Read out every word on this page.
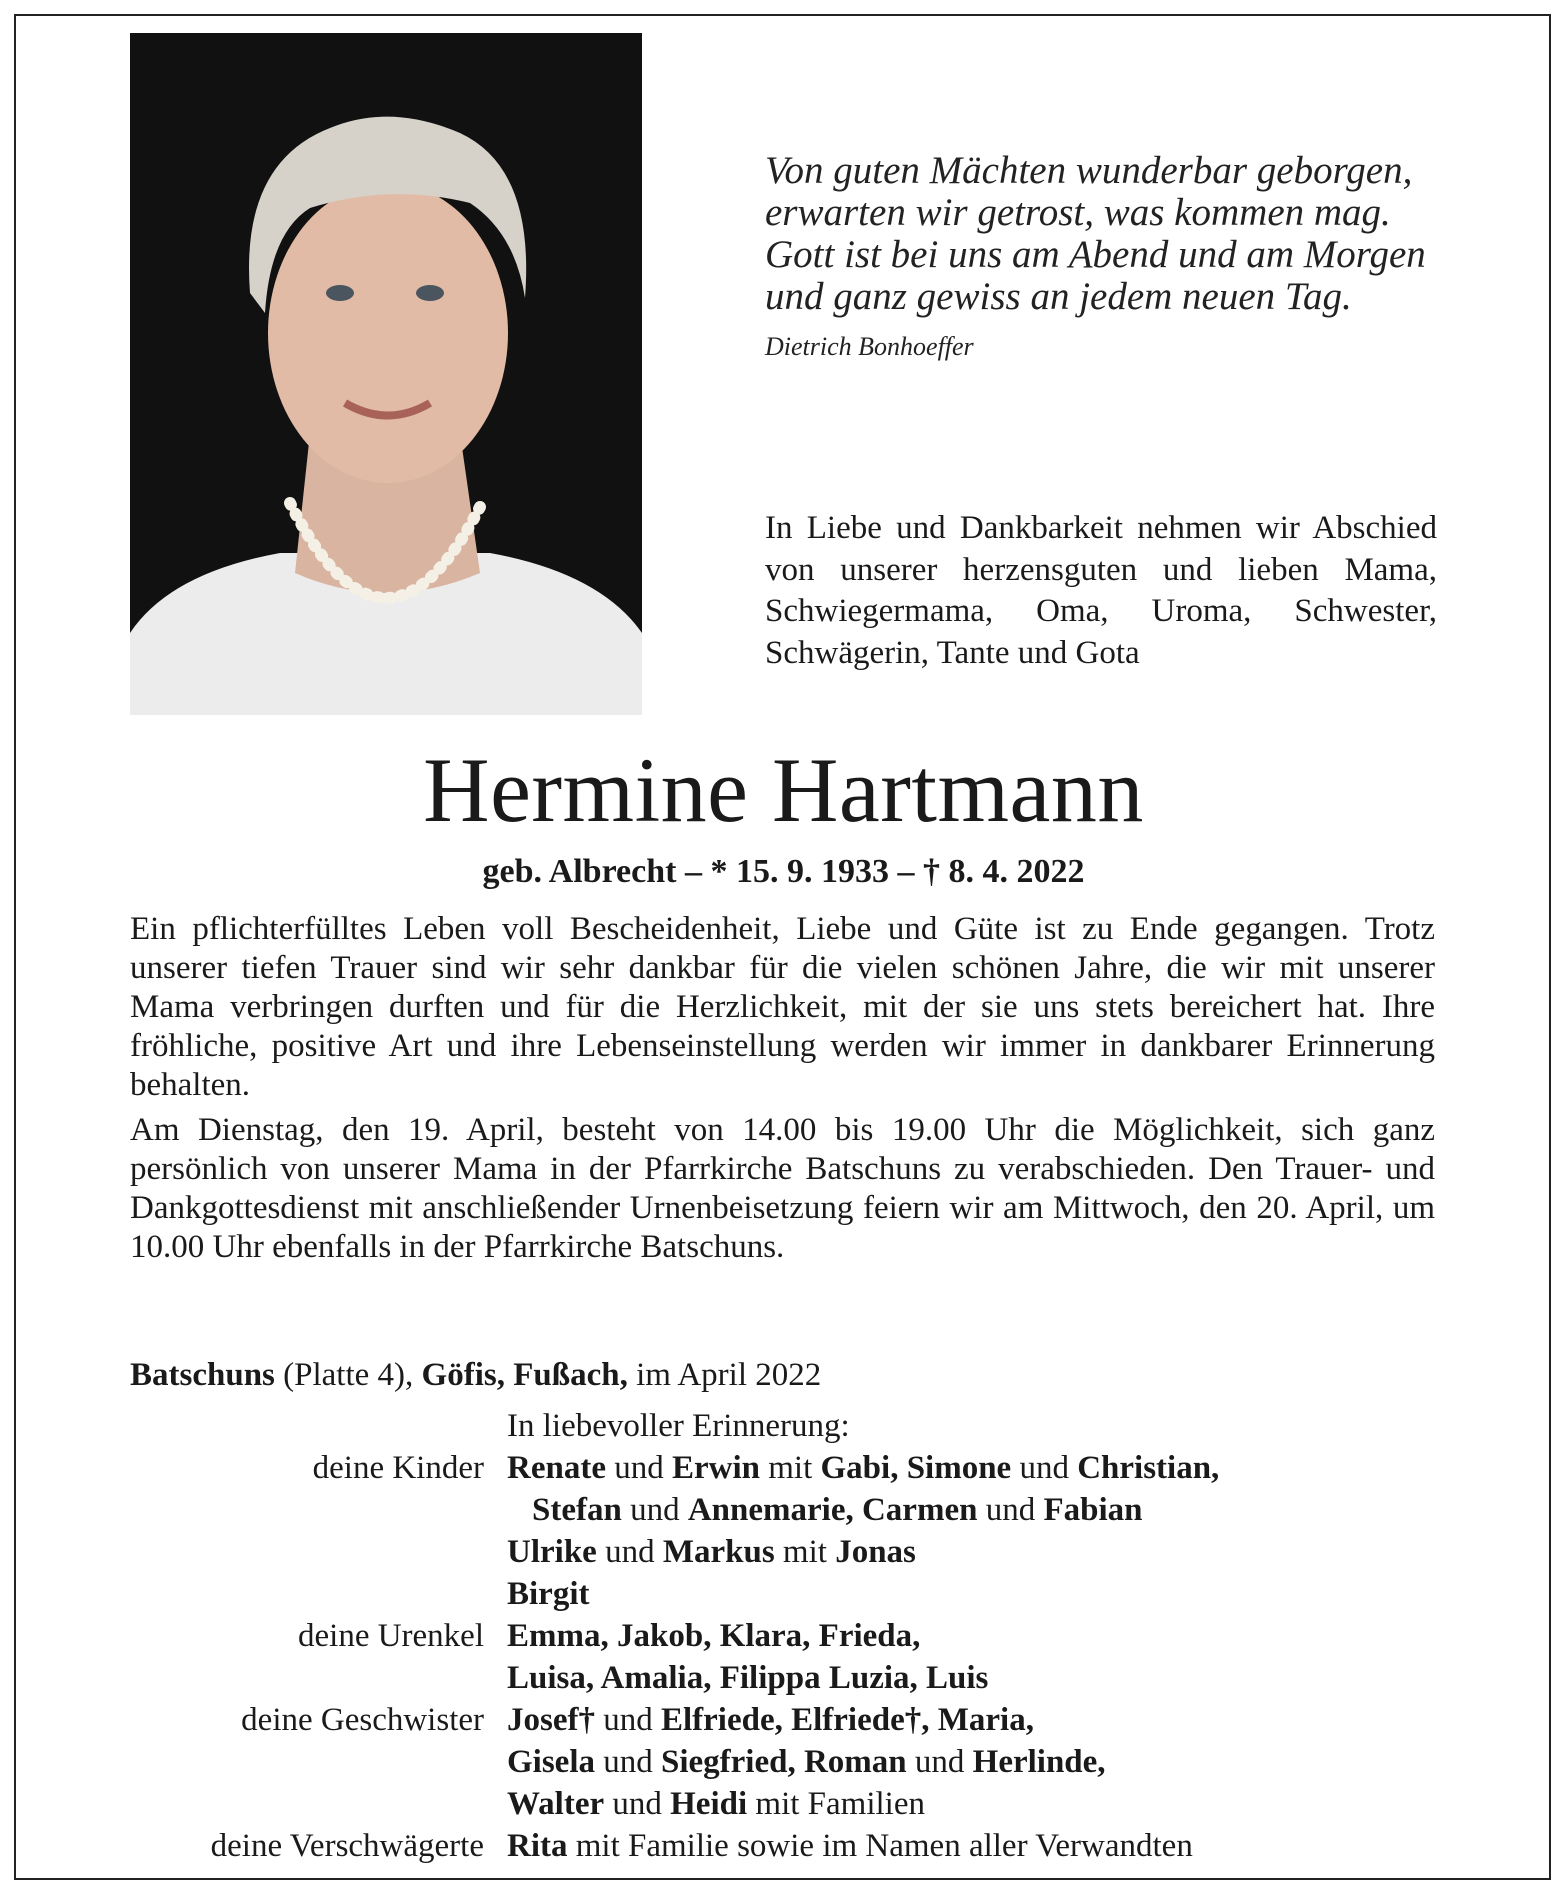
Von guten Mächten wunderbar geborgen,
erwarten wir getrost, was kommen mag.
Gott ist bei uns am Abend und am Morgen
und ganz gewiss an jedem neuen Tag.
Dietrich Bonhoeffer
In Liebe und Dankbarkeit nehmen wir Abschied von unserer herzensguten und lieben Mama, Schwiegermama, Oma, Uroma, Schwester, Schwägerin, Tante und Gota
Hermine Hartmann
geb. Albrecht – * 15. 9. 1933 – † 8. 4. 2022

Ein pflichterfülltes Leben voll Bescheidenheit, Liebe und Güte ist zu Ende gegangen. Trotz unserer tiefen Trauer sind wir sehr dankbar für die vielen schönen Jahre, die wir mit unserer Mama verbringen durften und für die Herzlichkeit, mit der sie uns stets bereichert hat. Ihre fröhliche, positive Art und ihre Lebenseinstellung werden wir immer in dankbarer Erinnerung behalten.

Am Dienstag, den 19. April, besteht von 14.00 bis 19.00 Uhr die Möglichkeit, sich ganz persönlich von unserer Mama in der Pfarrkirche Batschuns zu verabschieden. Den Trauer- und Dankgottesdienst mit anschließender Urnenbeisetzung feiern wir am Mittwoch, den 20. April, um 10.00 Uhr ebenfalls in der Pfarrkirche Batschuns.

Batschuns (Platte 4), Göfis, Fußach, im April 2022
In liebevoller Erinnerung:
deine Kinder Renate und Erwin mit Gabi, Simone und Christian,
Stefan und Annemarie, Carmen und Fabian
Ulrike und Markus mit Jonas
Birgit
deine Urenkel Emma, Jakob, Klara, Frieda,
Luisa, Amalia, Filippa Luzia, Luis
deine Geschwister Josef† und Elfriede, Elfriede†, Maria,
Gisela und Siegfried, Roman und Herlinde,
Walter und Heidi mit Familien
deine Verschwägerte Rita mit Familie sowie im Namen aller Verwandten
